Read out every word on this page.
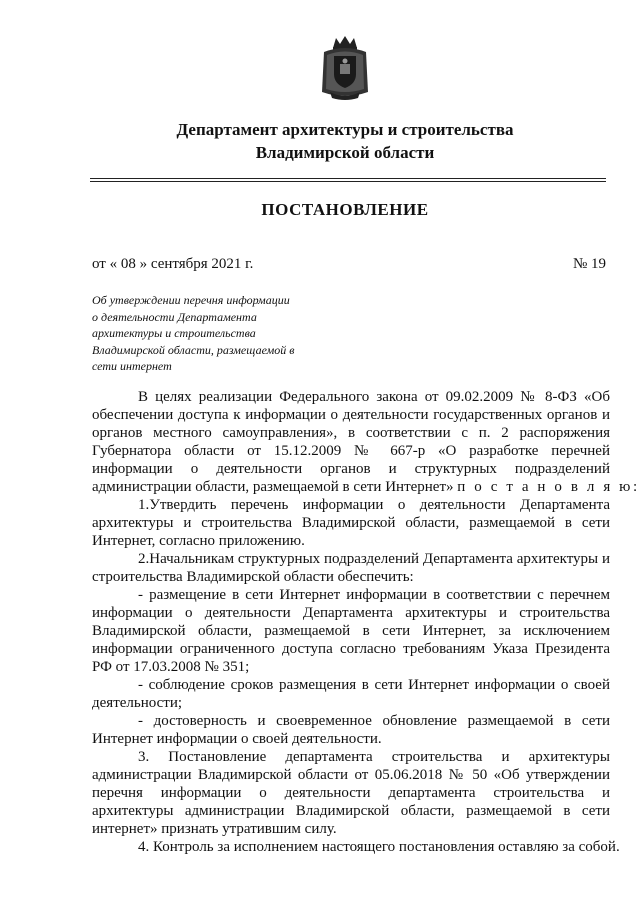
Департамент архитектуры и строительства
Владимирской области
ПОСТАНОВЛЕНИЕ
от « 08 » сентября 2021 г.	№ 19
Об утверждении перечня информации
о деятельности Департамента
архитектуры и строительства
Владимирской области, размещаемой в
сети интернет

В целях реализации Федерального закона от 09.02.2009 № 8-ФЗ «Об
обеспечении доступа к информации о деятельности государственных органов и
органов местного самоуправления», в соответствии с п. 2 распоряжения
Губернатора области от 15.12.2009 № 667-р «О разработке перечней
информации о деятельности органов и структурных подразделений
администрации области, размещаемой в сети Интернет» п о с т а н о в л я ю:

1.Утвердить перечень информации о деятельности Департамента
архитектуры и строительства Владимирской области, размещаемой в сети
Интернет, согласно приложению.

2.Начальникам структурных подразделений Департамента архитектуры и
строительства Владимирской области обеспечить:
- размещение в сети Интернет информации в соответствии с перечнем
информации о деятельности Департамента архитектуры и строительства
Владимирской области, размещаемой в сети Интернет, за исключением
информации ограниченного доступа согласно требованиям Указа Президента
РФ от 17.03.2008 № 351;
- соблюдение сроков размещения в сети Интернет информации о своей
деятельности;
- достоверность и своевременное обновление размещаемой в сети
Интернет информации о своей деятельности.

3. Постановление департамента строительства и архитектуры
администрации Владимирской области от 05.06.2018 № 50 «Об утверждении
перечня информации о деятельности департамента строительства и
архитектуры администрации Владимирской области, размещаемой в сети
интернет» признать утратившим силу.

4. Контроль за исполнением настоящего постановления оставляю за собой.
